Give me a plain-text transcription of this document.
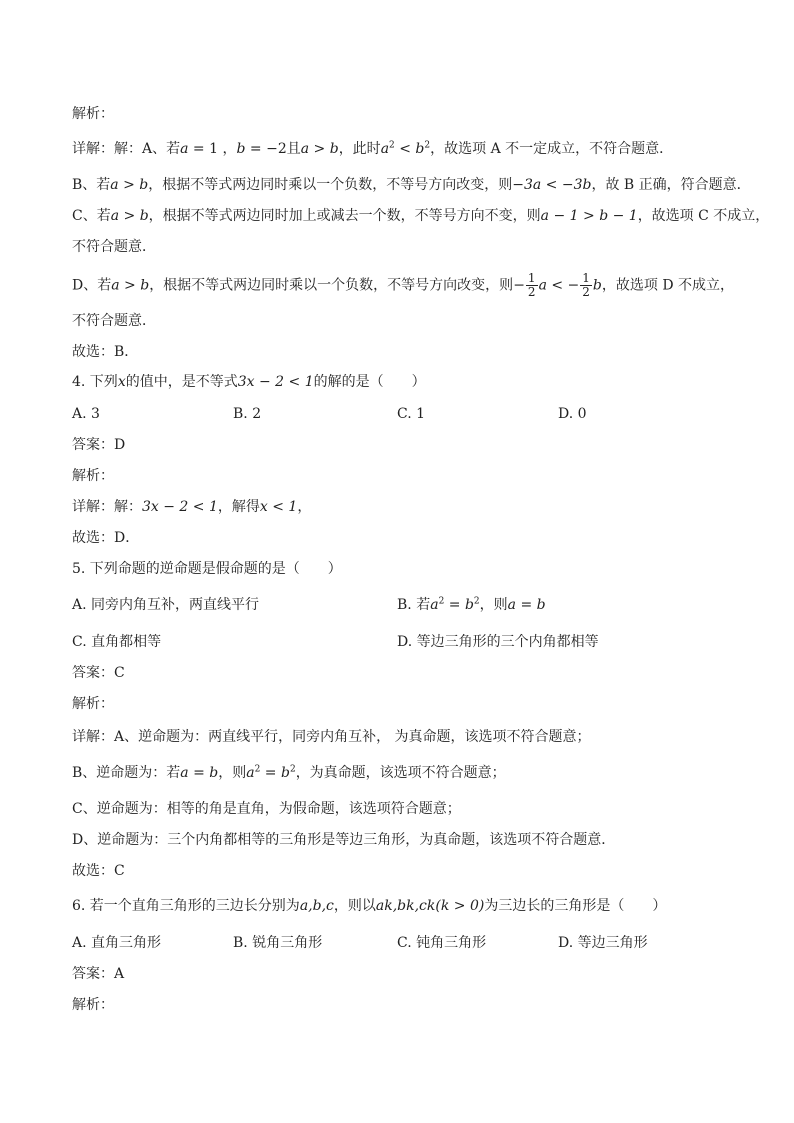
解析：
详解：解：A、若a = 1 ，b = −2且a > b，此时$a^2 < b^2$，故选项 A 不一定成立，不符合题意．
B、若a > b，根据不等式两边同时乘以一个负数，不等号方向改变，则−3a < −3b，故 B 正确，符合题意．
C、若a > b，根据不等式两边同时加上或减去一个数，不等号方向不变，则a − 1 > b − 1，故选项 C 不成立，
不符合题意．
D、若a > b，根据不等式两边同时乘以一个负数，不等号方向改变，则− $\frac{1}{2}$ a < − $\frac{1}{2}$ b，故选项 D 不成立，
不符合题意．
故选：B．
4. 下列x的值中，是不等式3x − 2 < 1的解的是（　　）
A. 3	B. 2	C. 1	D. 0
答案：D
解析：
详解：解：3x − 2 < 1，解得x < 1，
故选：D．
5. 下列命题的逆命题是假命题的是（　　）
A. 同旁内角互补，两直线平行	B. 若$a^2 = b^2$，则a = b
C. 直角都相等	D. 等边三角形的三个内角都相等
答案：C
解析：
详解：A、逆命题为：两直线平行，同旁内角互补， 为真命题，该选项不符合题意；
B、逆命题为：若a = b，则$a^2 = b^2$，为真命题，该选项不符合题意；
C、逆命题为：相等的角是直角，为假命题，该选项符合题意；
D、逆命题为：三个内角都相等的三角形是等边三角形，为真命题，该选项不符合题意．
故选：C
6. 若一个直角三角形的三边长分别为a,b,c，则以ak,bk,ck(k > 0)为三边长的三角形是（　　）
A. 直角三角形	B. 锐角三角形	C. 钝角三角形	D. 等边三角形
答案：A
解析：
